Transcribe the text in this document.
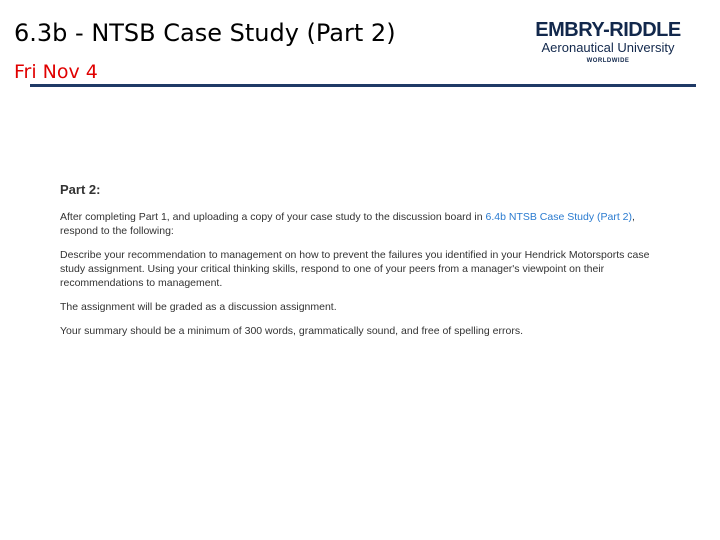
6.3b - NTSB Case Study (Part 2)
Fri Nov 4
EMBRY-RIDDLE
Aeronautical University
WORLDWIDE
Part 2:

After completing Part 1, and uploading a copy of your case study to the discussion board in 6.4b NTSB Case Study (Part 2), respond to the following:

Describe your recommendation to management on how to prevent the failures you identified in your Hendrick Motorsports case study assignment. Using your critical thinking skills, respond to one of your peers from a manager's viewpoint on their recommendations to management.

The assignment will be graded as a discussion assignment.

Your summary should be a minimum of 300 words, grammatically sound, and free of spelling errors.
